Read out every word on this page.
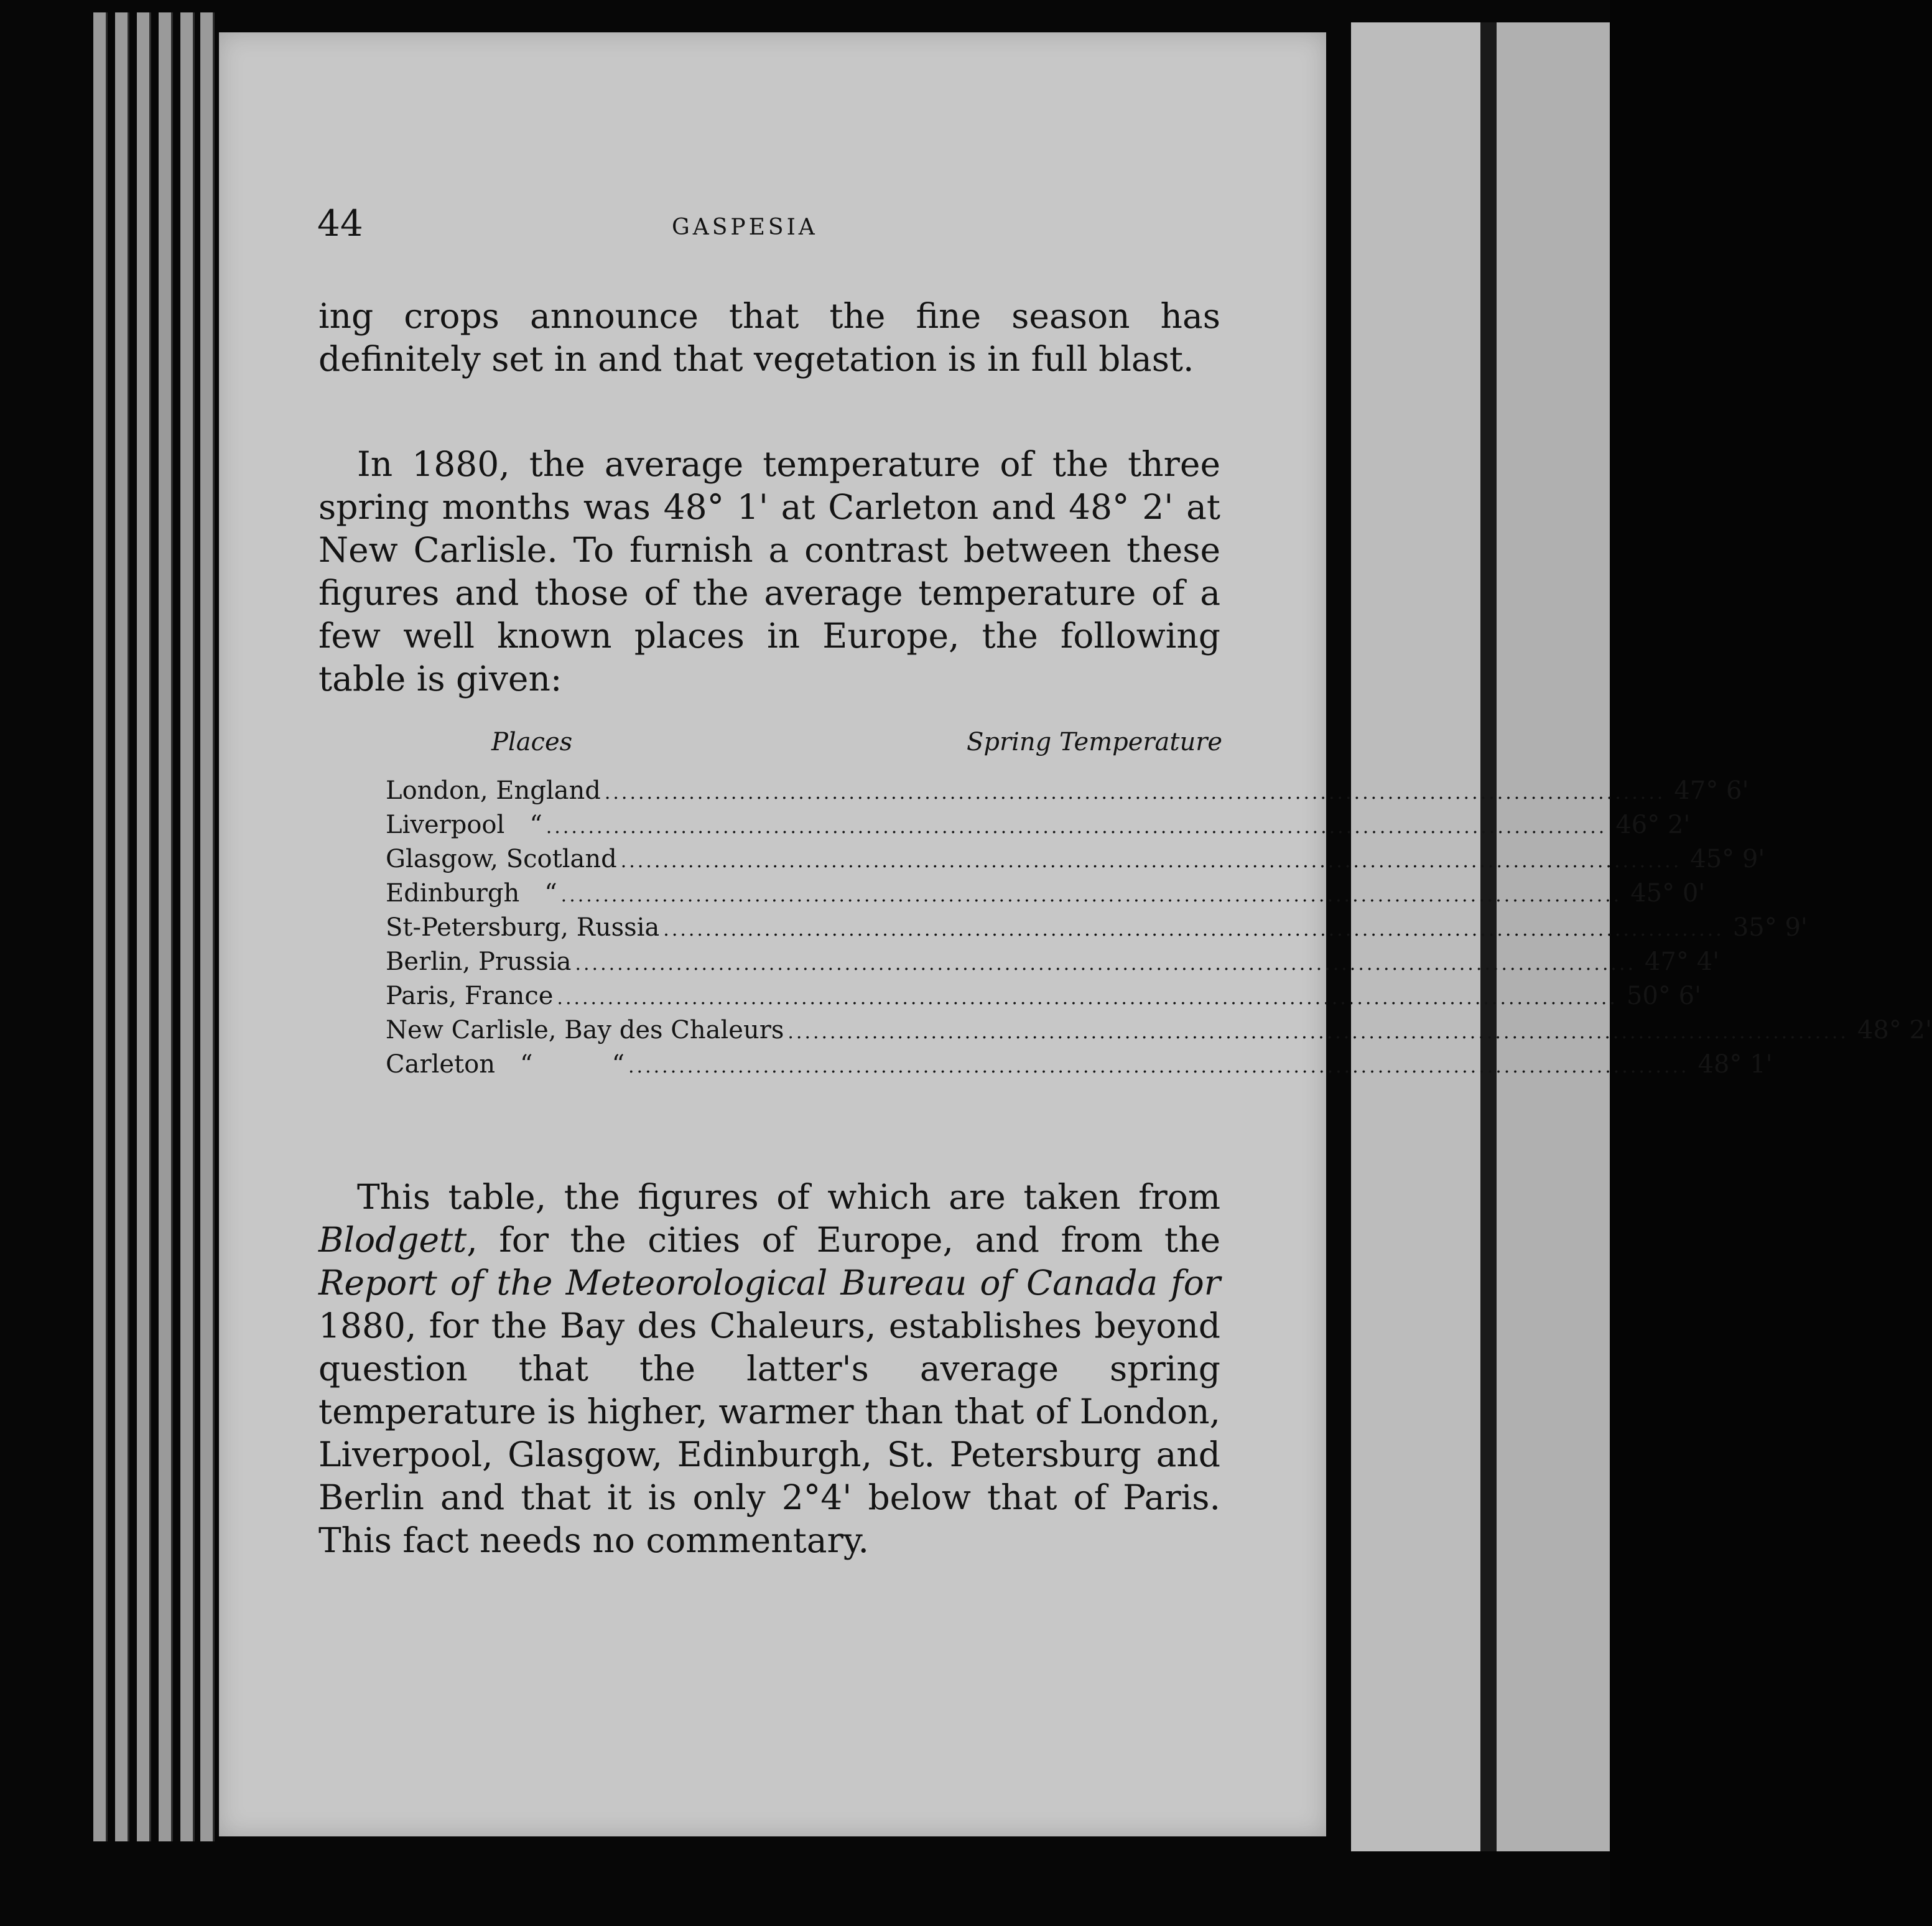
44	GASPESIA

ing crops announce that the fine season has definitely set in and that vegetation is in full blast.

In 1880, the average temperature of the three spring months was 48° 1' at Carleton and 48° 2' at New Carlisle. To furnish a contrast between these figures and those of the average temperature of a few well known places in Europe, the following table is given:

Places	Spring Temperature
London, England .............................................................................................................................. 47° 6'
Liverpool	“ .............................................................................................................................. 46° 2'
Glasgow, Scotland .............................................................................................................................. 45° 9'
Edinburgh	“ .............................................................................................................................. 45° 0'
St-Petersburg, Russia .............................................................................................................................. 35° 9'
Berlin, Prussia .............................................................................................................................. 47° 4'
Paris, France .............................................................................................................................. 50° 6'
New Carlisle, Bay des Chaleurs .............................................................................................................................. 48° 2'
Carleton	“          “ .............................................................................................................................. 48° 1'

This table, the figures of which are taken from Blodgett, for the cities of Europe, and from the Report of the Meteorological Bureau of Canada for 1880, for the Bay des Chaleurs, establishes beyond question that the latter's average spring temperature is higher, warmer than that of London, Liverpool, Glasgow, Edinburgh, St. Petersburg and Berlin and that it is only 2°4' below that of Paris. This fact needs no commentary.
